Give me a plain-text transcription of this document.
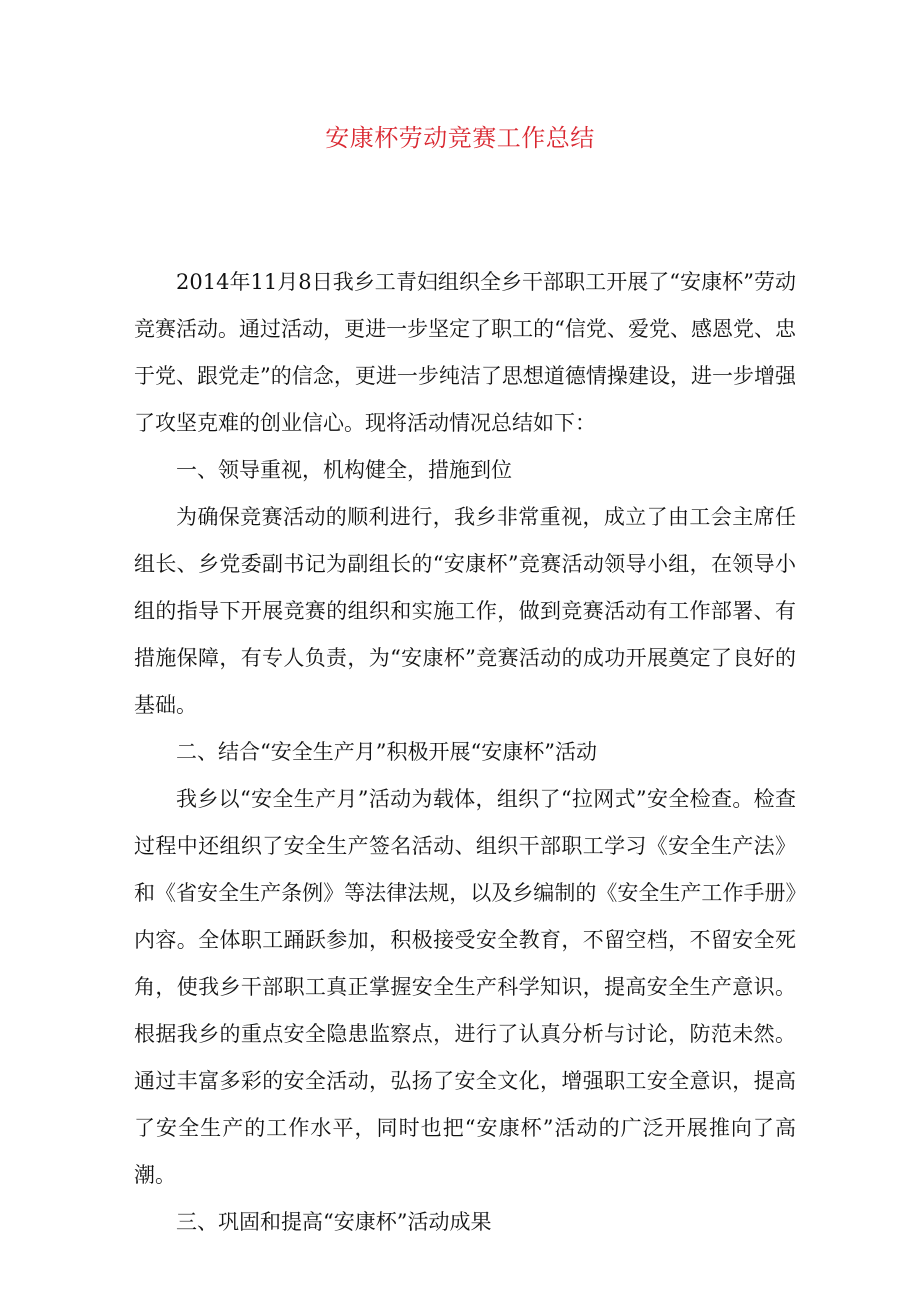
安康杯劳动竞赛工作总结

2014年11月8日我乡工青妇组织全乡干部职工开展了“安康杯”劳动竞赛活动。通过活动，更进一步坚定了职工的“信党、爱党、感恩党、忠于党、跟党走”的信念，更进一步纯洁了思想道德情操建设，进一步增强了攻坚克难的创业信心。现将活动情况总结如下：

一、领导重视，机构健全，措施到位

为确保竞赛活动的顺利进行，我乡非常重视，成立了由工会主席任组长、乡党委副书记为副组长的“安康杯”竞赛活动领导小组，在领导小组的指导下开展竞赛的组织和实施工作，做到竞赛活动有工作部署、有措施保障，有专人负责，为“安康杯”竞赛活动的成功开展奠定了良好的基础。

二、结合“安全生产月”积极开展“安康杯”活动

我乡以“安全生产月”活动为载体，组织了“拉网式”安全检查。检查过程中还组织了安全生产签名活动、组织干部职工学习《安全生产法》和《省安全生产条例》等法律法规，以及乡编制的《安全生产工作手册》内容。全体职工踊跃参加，积极接受安全教育，不留空档，不留安全死角，使我乡干部职工真正掌握安全生产科学知识，提高安全生产意识。根据我乡的重点安全隐患监察点，进行了认真分析与讨论，防范未然。通过丰富多彩的安全活动，弘扬了安全文化，增强职工安全意识，提高了安全生产的工作水平，同时也把“安康杯”活动的广泛开展推向了高潮。

三、巩固和提高“安康杯”活动成果
